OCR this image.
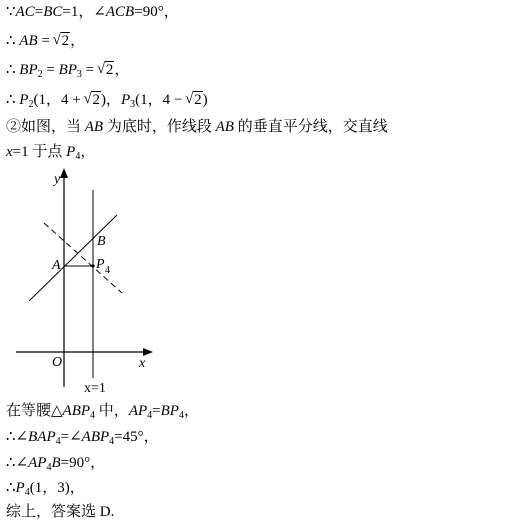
∵AC=BC=1，∠ACB=90°，
∴ AB = √ 2，
∴ $BP_2 = BP_3$ = √ 2，
∴ $P_2(1$，4 + √ 2)，$P_3(1$，4 − √ 2)
②如图，当 AB 为底时，作线段 AB 的垂直平分线，交直线
x=1 于点 $P_4$，
y
x
O
x=1
A
B
P 4
在等腰$\triangle ABP_4$ 中，$AP_4=BP_4$，
$\therefore\angle BAP_4=\angle ABP_4=45^\circ$，
$\therefore\angle AP_4B=90^\circ$，
$\therefore P_4(1$，3)，
综上，答案选 D.
